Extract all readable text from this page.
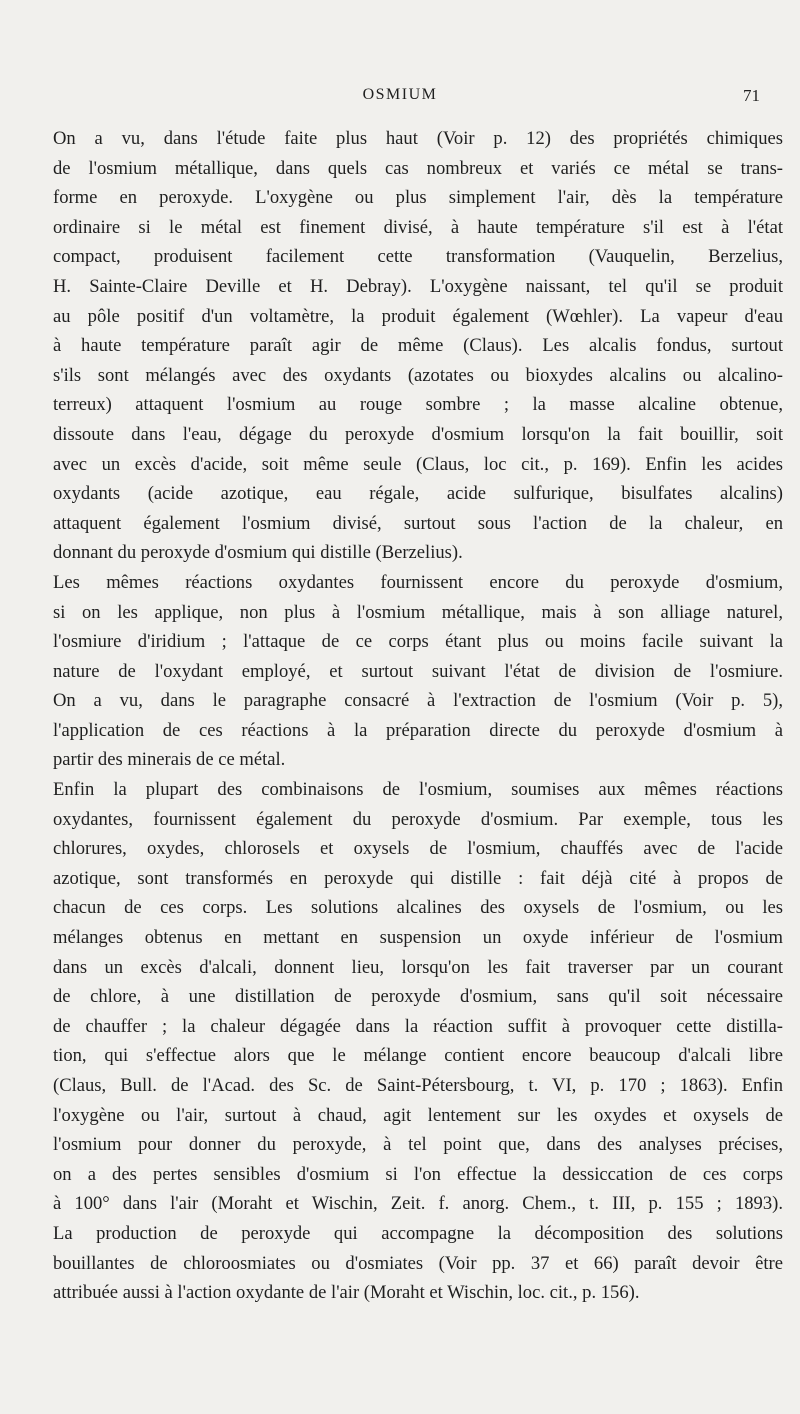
OSMIUM	71

On a vu, dans l'étude faite plus haut (Voir p. 12) des propriétés chimiques
de l'osmium métallique, dans quels cas nombreux et variés ce métal se trans-
forme en peroxyde. L'oxygène ou plus simplement l'air, dès la température
ordinaire si le métal est finement divisé, à haute température s'il est à l'état
compact, produisent facilement cette transformation (Vauquelin, Berzelius,
H. Sainte-Claire Deville et H. Debray). L'oxygène naissant, tel qu'il se produit
au pôle positif d'un voltamètre, la produit également (Wœhler). La vapeur d'eau
à haute température paraît agir de même (Claus). Les alcalis fondus, surtout
s'ils sont mélangés avec des oxydants (azotates ou bioxydes alcalins ou alcalino-
terreux) attaquent l'osmium au rouge sombre ; la masse alcaline obtenue,
dissoute dans l'eau, dégage du peroxyde d'osmium lorsqu'on la fait bouillir, soit
avec un excès d'acide, soit même seule (Claus, loc cit., p. 169). Enfin les acides
oxydants (acide azotique, eau régale, acide sulfurique, bisulfates alcalins)
attaquent également l'osmium divisé, surtout sous l'action de la chaleur, en
donnant du peroxyde d'osmium qui distille (Berzelius).

Les mêmes réactions oxydantes fournissent encore du peroxyde d'osmium,
si on les applique, non plus à l'osmium métallique, mais à son alliage naturel,
l'osmiure d'iridium ; l'attaque de ce corps étant plus ou moins facile suivant la
nature de l'oxydant employé, et surtout suivant l'état de division de l'osmiure.
On a vu, dans le paragraphe consacré à l'extraction de l'osmium (Voir p. 5),
l'application de ces réactions à la préparation directe du peroxyde d'osmium à
partir des minerais de ce métal.

Enfin la plupart des combinaisons de l'osmium, soumises aux mêmes réactions
oxydantes, fournissent également du peroxyde d'osmium. Par exemple, tous les
chlorures, oxydes, chlorosels et oxysels de l'osmium, chauffés avec de l'acide
azotique, sont transformés en peroxyde qui distille : fait déjà cité à propos de
chacun de ces corps. Les solutions alcalines des oxysels de l'osmium, ou les
mélanges obtenus en mettant en suspension un oxyde inférieur de l'osmium
dans un excès d'alcali, donnent lieu, lorsqu'on les fait traverser par un courant
de chlore, à une distillation de peroxyde d'osmium, sans qu'il soit nécessaire
de chauffer ; la chaleur dégagée dans la réaction suffit à provoquer cette distilla-
tion, qui s'effectue alors que le mélange contient encore beaucoup d'alcali libre
(Claus, Bull. de l'Acad. des Sc. de Saint-Pétersbourg, t. VI, p. 170 ; 1863). Enfin
l'oxygène ou l'air, surtout à chaud, agit lentement sur les oxydes et oxysels de
l'osmium pour donner du peroxyde, à tel point que, dans des analyses précises,
on a des pertes sensibles d'osmium si l'on effectue la dessiccation de ces corps
à 100° dans l'air (Moraht et Wischin, Zeit. f. anorg. Chem., t. III, p. 155 ; 1893).
La production de peroxyde qui accompagne la décomposition des solutions
bouillantes de chloroosmiates ou d'osmiates (Voir pp. 37 et 66) paraît devoir être
attribuée aussi à l'action oxydante de l'air (Moraht et Wischin, loc. cit., p. 156).
